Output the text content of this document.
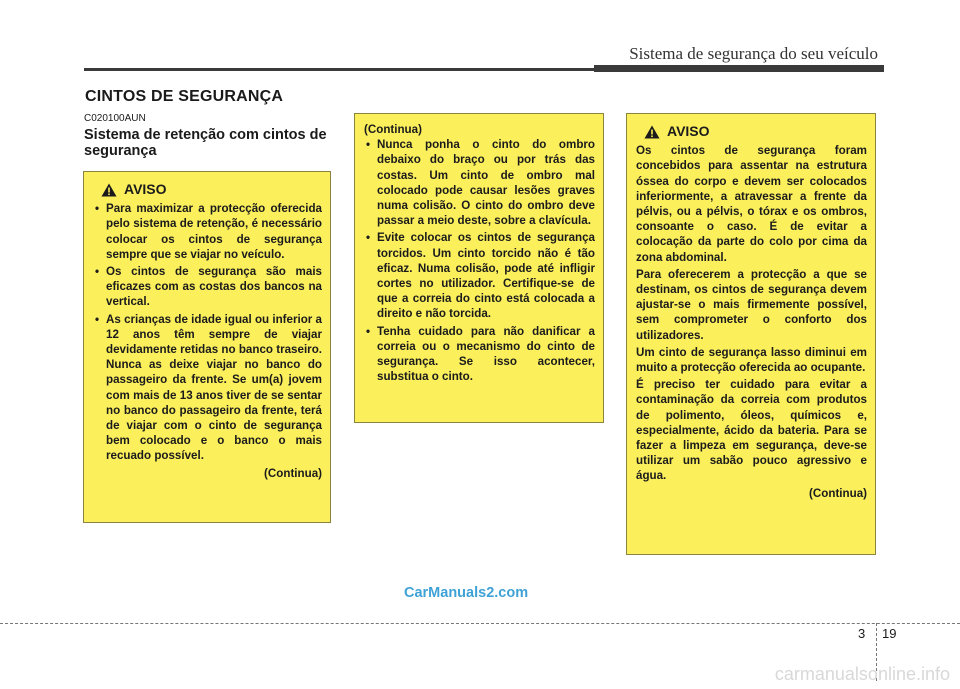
Sistema de segurança do seu veículo
CINTOS DE SEGURANÇA
C020100AUN
Sistema de retenção com cintos de segurança
AVISO
• Para maximizar a protecção oferecida pelo sistema de retenção, é necessário colocar os cintos de segurança sempre que se viajar no veículo.
• Os cintos de segurança são mais eficazes com as costas dos bancos na vertical.
• As crianças de idade igual ou inferior a 12 anos têm sempre de viajar devidamente retidas no banco traseiro. Nunca as deixe viajar no banco do passageiro da frente. Se um(a) jovem com mais de 13 anos tiver de se sentar no banco do passageiro da frente, terá de viajar com o cinto de segurança bem colocado e o banco o mais recuado possível.
(Continua)
(Continua)
• Nunca ponha o cinto do ombro debaixo do braço ou por trás das costas. Um cinto de ombro mal colocado pode causar lesões graves numa colisão. O cinto do ombro deve passar a meio deste, sobre a clavícula.
• Evite colocar os cintos de segurança torcidos. Um cinto torcido não é tão eficaz. Numa colisão, pode até infligir cortes no utilizador. Certifique-se de que a correia do cinto está colocada a direito e não torcida.
• Tenha cuidado para não danificar a correia ou o mecanismo do cinto de segurança. Se isso acontecer, substitua o cinto.
AVISO
Os cintos de segurança foram concebidos para assentar na estrutura óssea do corpo e devem ser colocados inferiormente, a atravessar a frente da pélvis, ou a pélvis, o tórax e os ombros, consoante o caso. É de evitar a colocação da parte do colo por cima da zona abdominal.
Para oferecerem a protecção a que se destinam, os cintos de segurança devem ajustar-se o mais firmemente possível, sem comprometer o conforto dos utilizadores.
Um cinto de segurança lasso diminui em muito a protecção oferecida ao ocupante.
É preciso ter cuidado para evitar a contaminação da correia com produtos de polimento, óleos, químicos e, especialmente, ácido da bateria. Para se fazer a limpeza em segurança, deve-se utilizar um sabão pouco agressivo e água.
(Continua)
CarManuals2.com
3 19
carmanualsonline.info
